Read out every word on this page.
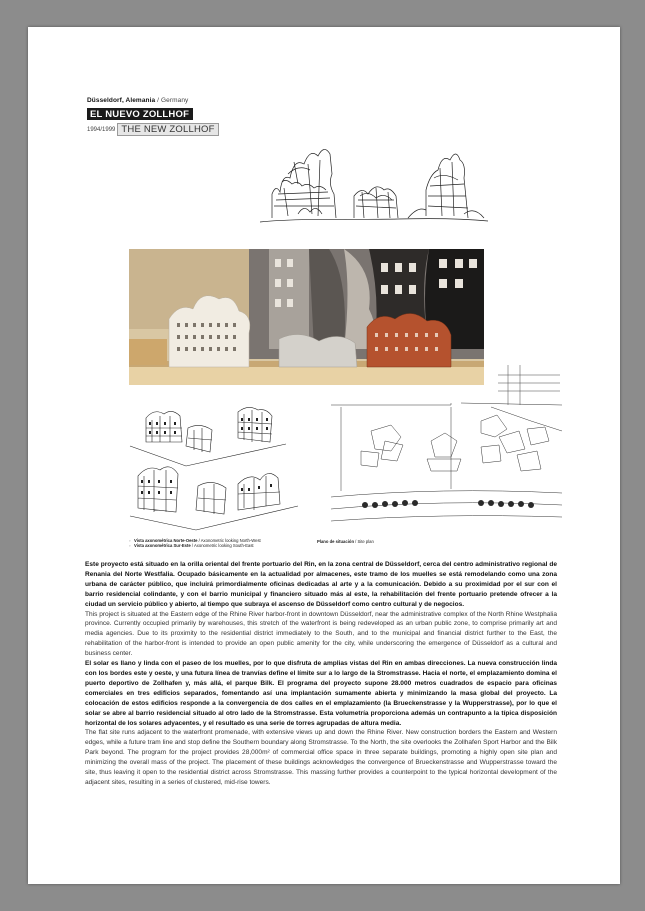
Düsseldorf, Alemania / Germany
EL NUEVO ZOLLHOF
1994/1999 THE NEW ZOLLHOF
▫ Vista axonométrica Norte-Oeste / Axonometric looking North-West
▫ Vista axonométrica Sur-Este / Axonometric looking South-East
Plano de situación / Site plan

Este proyecto está situado en la orilla oriental del frente portuario del Rin, en la zona central de Düsseldorf, cerca del centro administrativo regional de Renania del Norte Westfalia. Ocupado básicamente en la actualidad por almacenes, este tramo de los muelles se está remodelando como una zona urbana de carácter público, que incluirá primordialmente oficinas dedicadas al arte y a la comunicación. Debido a su proximidad por el sur con el barrio residencial colindante, y con el barrio municipal y financiero situado más al este, la rehabilitación del frente portuario pretende ofrecer a la ciudad un servicio público y abierto, al tiempo que subraya el ascenso de Düsseldorf como centro cultural y de negocios.

This project is situated at the Eastern edge of the Rhine River harbor-front in downtown Düsseldorf, near the administrative complex of the North Rhine Westphalia province. Currently occupied primarily by warehouses, this stretch of the waterfront is being redeveloped as an urban public zone, to comprise primarily art and media agencies. Due to its proximity to the residential district immediately to the South, and to the municipal and financial district further to the East, the rehabilitation of the harbor-front is intended to provide an open public amenity for the city, while underscoring the emergence of Düsseldorf as a cultural and business center.

El solar es llano y linda con el paseo de los muelles, por lo que disfruta de amplias vistas del Rin en ambas direcciones. La nueva construcción linda con los bordes este y oeste, y una futura línea de tranvías define el límite sur a lo largo de la Stromstrasse. Hacia el norte, el emplazamiento domina el puerto deportivo de Zollhafen y, más allá, el parque Bilk. El programa del proyecto supone 28.000 metros cuadrados de espacio para oficinas comerciales en tres edificios separados, fomentando así una implantación sumamente abierta y minimizando la masa global del proyecto. La colocación de estos edificios responde a la convergencia de dos calles en el emplazamiento (la Brueckenstrasse y la Wupperstrasse), por lo que el solar se abre al barrio residencial situado al otro lado de la Stromstrasse. Esta volumetría proporciona además un contrapunto a la típica disposición horizontal de los solares adyacentes, y el resultado es una serie de torres agrupadas de altura media.

The flat site runs adjacent to the waterfront promenade, with extensive views up and down the Rhine River. New construction borders the Eastern and Western edges, while a future tram line and stop define the Southern boundary along Stromstrasse. To the North, the site overlooks the Zollhafen Sport Harbor and the Bilk Park beyond. The program for the project provides 28,000m² of commercial office space in three separate buildings, promoting a highly open site plan and minimizing the overall mass of the project. The placement of these buildings acknowledges the convergence of Brueckenstrasse and Wupperstrasse toward the site, thus leaving it open to the residential district across Stromstrasse. This massing further provides a counterpoint to the typical horizontal development of the adjacent sites, resulting in a series of clustered, mid-rise towers.
